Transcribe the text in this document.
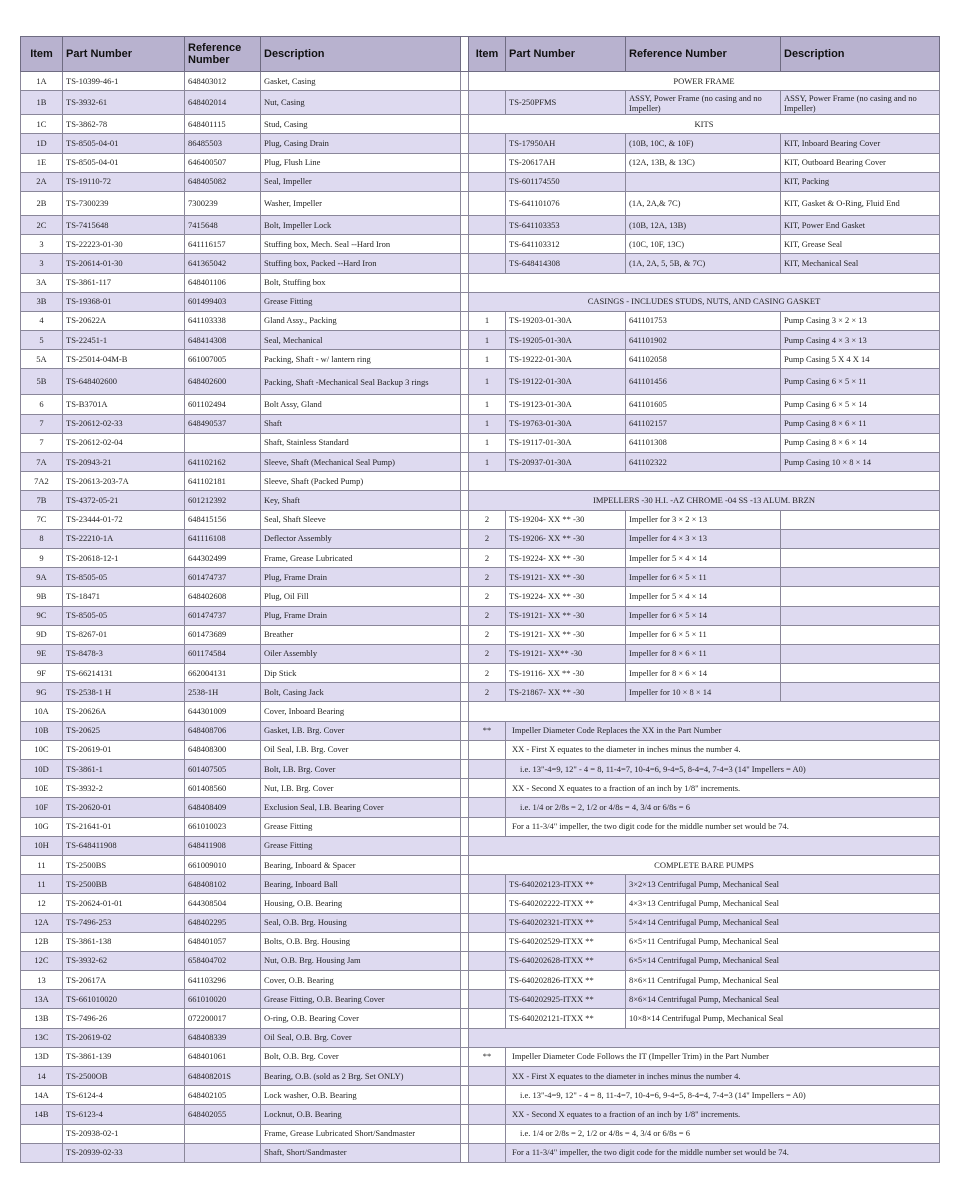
Item	Part Number	Reference Number	Description		Item	Part Number	Reference Number	Description
1A	TS-10399-46-1	648403012	Gasket, Casing		POWER FRAME			
1B	TS-3932-61	648402014	Nut, Casing			TS-250PFMS	ASSY, Power Frame (no casing and no Impeller)	ASSY, Power Frame (no casing and no Impeller)
1C	TS-3862-78	648401115	Stud, Casing		KITS			
1D	TS-8505-04-01	86485503	Plug, Casing Drain			TS-17950AH	(10B, 10C, & 10F)	KIT, Inboard Bearing Cover
1E	TS-8505-04-01	646400507	Plug, Flush Line			TS-20617AH	(12A, 13B, & 13C)	KIT, Outboard Bearing Cover
2A	TS-19110-72	648405082	Seal, Impeller			TS-601174550		KIT, Packing
2B	TS-7300239	7300239	Washer, Impeller			TS-641101076	(1A, 2A,& 7C)	KIT, Gasket & O-Ring, Fluid End
2C	TS-7415648	7415648	Bolt, Impeller Lock			TS-641103353	(10B, 12A, 13B)	KIT, Power End Gasket
3	TS-22223-01-30	641116157	Stuffing box, Mech. Seal --Hard Iron			TS-641103312	(10C, 10F, 13C)	KIT, Grease Seal
3	TS-20614-01-30	641365042	Stuffing box, Packed --Hard Iron			TS-648414308	(1A, 2A, 5, 5B, & 7C)	KIT, Mechanical Seal
3A	TS-3861-117	648401106	Bolt, Stuffing box					
3B	TS-19368-01	601499403	Grease Fitting		CASINGS - INCLUDES STUDS, NUTS, AND CASING GASKET			
4	TS-20622A	641103338	Gland Assy., Packing		1	TS-19203-01-30A	641101753	Pump Casing 3 × 2 × 13
5	TS-22451-1	648414308	Seal, Mechanical		1	TS-19205-01-30A	641101902	Pump Casing 4 × 3 × 13
5A	TS-25014-04M-B	661007005	Packing, Shaft - w/ lantern ring		1	TS-19222-01-30A	641102058	Pump Casing 5 X 4 X 14
5B	TS-648402600	648402600	Packing, Shaft -Mechanical Seal Backup 3 rings		1	TS-19122-01-30A	641101456	Pump Casing 6 × 5 × 11
6	TS-B3701A	601102494	Bolt Assy, Gland		1	TS-19123-01-30A	641101605	Pump Casing 6 × 5 × 14
7	TS-20612-02-33	648490537	Shaft		1	TS-19763-01-30A	641102157	Pump Casing 8 × 6 × 11
7	TS-20612-02-04		Shaft, Stainless Standard		1	TS-19117-01-30A	641101308	Pump Casing 8 × 6 × 14
7A	TS-20943-21	641102162	Sleeve, Shaft (Mechanical Seal Pump)		1	TS-20937-01-30A	641102322	Pump Casing 10 × 8 × 14
7A2	TS-20613-203-7A	641102181	Sleeve, Shaft (Packed Pump)					
7B	TS-4372-05-21	601212392	Key, Shaft		IMPELLERS -30 H.I. -AZ CHROME -04 SS -13 ALUM. BRZN			
7C	TS-23444-01-72	648415156	Seal, Shaft Sleeve		2	TS-19204- XX ** -30	Impeller for 3 × 2 × 13	
8	TS-22210-1A	641116108	Deflector Assembly		2	TS-19206- XX ** -30	Impeller for 4 × 3 × 13	
9	TS-20618-12-1	644302499	Frame, Grease Lubricated		2	TS-19224- XX ** -30	Impeller for 5 × 4 × 14	
9A	TS-8505-05	601474737	Plug, Frame Drain		2	TS-19121- XX ** -30	Impeller for 6 × 5 × 11	
9B	TS-18471	648402608	Plug, Oil Fill		2	TS-19224- XX ** -30	Impeller for 5 × 4 × 14	
9C	TS-8505-05	601474737	Plug, Frame Drain		2	TS-19121- XX ** -30	Impeller for 6 × 5 × 14	
9D	TS-8267-01	601473689	Breather		2	TS-19121- XX ** -30	Impeller for 6 × 5 × 11	
9E	TS-8478-3	601174584	Oiler Assembly		2	TS-19121- XX** -30	Impeller for 8 × 6 × 11	
9F	TS-66214131	662004131	Dip Stick		2	TS-19116- XX ** -30	Impeller for 8 × 6 × 14	
9G	TS-2538-1 H	2538-1H	Bolt, Casing Jack		2	TS-21867- XX ** -30	Impeller for 10 × 8 × 14	
10A	TS-20626A	644301009	Cover, Inboard Bearing					
10B	TS-20625	648408706	Gasket, I.B. Brg. Cover		**	Impeller Diameter Code Replaces the XX in the Part Number		
10C	TS-20619-01	648408300	Oil Seal, I.B. Brg. Cover			XX - First X equates to the diameter in inches minus the number 4.		
10D	TS-3861-1	601407505	Bolt, I.B. Brg. Cover			i.e. 13"-4=9, 12" - 4 = 8, 11-4=7, 10-4=6, 9-4=5, 8-4=4, 7-4=3 (14" Impellers = A0)		
10E	TS-3932-2	601408560	Nut, I.B. Brg. Cover			XX - Second X equates to a fraction of an inch by 1/8" increments.		
10F	TS-20620-01	648408409	Exclusion Seal, I.B. Bearing Cover			i.e. 1/4 or 2/8s = 2, 1/2 or 4/8s = 4, 3/4 or 6/8s = 6		
10G	TS-21641-01	661010023	Grease Fitting			For a 11-3/4" impeller, the two digit code for the middle number set would be 74.		
10H	TS-648411908	648411908	Grease Fitting					
11	TS-2500BS	661009010	Bearing, Inboard & Spacer		COMPLETE BARE PUMPS			
11	TS-2500BB	648408102	Bearing, Inboard Ball			TS-640202123-ITXX **	3×2×13 Centrifugal Pump, Mechanical Seal	
12	TS-20624-01-01	644308504	Housing, O.B. Bearing			TS-640202222-ITXX **	4×3×13 Centrifugal Pump, Mechanical Seal	
12A	TS-7496-253	648402295	Seal, O.B. Brg. Housing			TS-640202321-ITXX **	5×4×14 Centrifugal Pump, Mechanical Seal	
12B	TS-3861-138	648401057	Bolts, O.B. Brg. Housing			TS-640202529-ITXX **	6×5×11 Centrifugal Pump, Mechanical Seal	
12C	TS-3932-62	658404702	Nut, O.B. Brg. Housing Jam			TS-640202628-ITXX **	6×5×14 Centrifugal Pump, Mechanical Seal	
13	TS-20617A	641103296	Cover, O.B. Bearing			TS-640202826-ITXX **	8×6×11 Centrifugal Pump, Mechanical Seal	
13A	TS-661010020	661010020	Grease Fitting, O.B. Bearing Cover			TS-640202925-ITXX **	8×6×14 Centrifugal Pump, Mechanical Seal	
13B	TS-7496-26	072200017	O-ring, O.B. Bearing Cover			TS-640202121-ITXX **	10×8×14 Centrifugal Pump, Mechanical Seal	
13C	TS-20619-02	648408339	Oil Seal, O.B. Brg. Cover					
13D	TS-3861-139	648401061	Bolt, O.B. Brg. Cover		**	Impeller Diameter Code Follows the IT (Impeller Trim) in the Part Number		
14	TS-2500OB	648408201S	Bearing, O.B. (sold as 2 Brg. Set ONLY)			XX - First X equates to the diameter in inches minus the number 4.		
14A	TS-6124-4	648402105	Lock washer, O.B. Bearing			i.e. 13"-4=9, 12" - 4 = 8, 11-4=7, 10-4=6, 9-4=5, 8-4=4, 7-4=3 (14" Impellers = A0)		
14B	TS-6123-4	648402055	Locknut, O.B. Bearing			XX - Second X equates to a fraction of an inch by 1/8" increments.		
	TS-20938-02-1		Frame, Grease Lubricated Short/Sandmaster			i.e. 1/4 or 2/8s = 2, 1/2 or 4/8s = 4, 3/4 or 6/8s = 6		
	TS-20939-02-33		Shaft, Short/Sandmaster			For a 11-3/4" impeller, the two digit code for the middle number set would be 74.		
